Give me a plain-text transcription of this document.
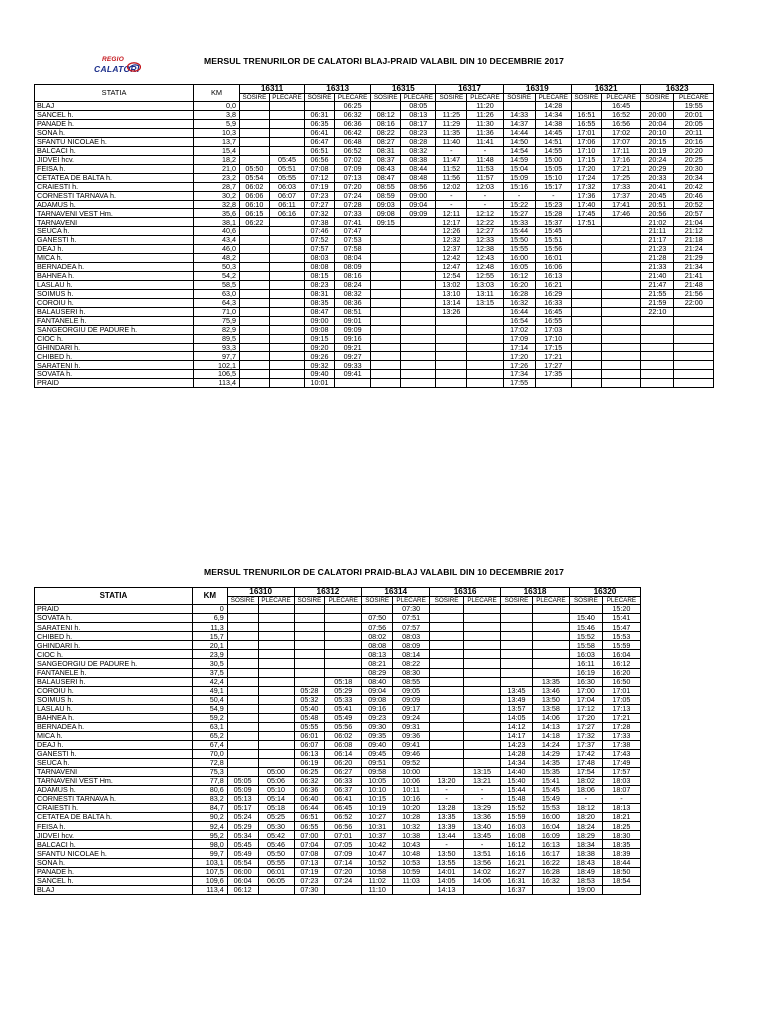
REGIO
CALATORI
MERSUL TRENURILOR DE CALATORI BLAJ-PRAID VALABIL DIN 10 DECEMBRIE 2017
STATIA	KM	16311		16313		16315		16317		16319		16321		16323	
		SOSIRE	PLECARE	SOSIRE	PLECARE	SOSIRE	PLECARE	SOSIRE	PLECARE	SOSIRE	PLECARE	SOSIRE	PLECARE	SOSIRE	PLECARE
BLAJ	0,0				06:25		08:05		11:20		14:28		16:45		19:55
SANCEL h.	3,8			06:31	06:32	08:12	08:13	11:25	11:26	14:33	14:34	16:51	16:52	20:00	20:01
PANADE h.	5,9			06:35	06:36	08:16	08:17	11:29	11:30	14:37	14:38	16:55	16:56	20:04	20:05
SONA h.	10,3			06:41	06:42	08:22	08:23	11:35	11:36	14:44	14:45	17:01	17:02	20:10	20:11
SFANTU NICOLAE h.	13,7			06:47	06:48	08:27	08:28	11:40	11:41	14:50	14:51	17:06	17:07	20:15	20:16
BALCACI h.	15,4			06:51	06:52	08:31	08:32	-	-	14:54	14:55	17:10	17:11	20:19	20:20
JIDVEI hcv.	18,2		05:45	06:56	07:02	08:37	08:38	11:47	11:48	14:59	15:00	17:15	17:16	20:24	20:25
FEISA h.	21,0	05:50	05:51	07:08	07:09	08:43	08:44	11:52	11:53	15:04	15:05	17:20	17:21	20:29	20:30
CETATEA DE BALTA h.	23,2	05:54	05:55	07:12	07:13	08:47	08:48	11:56	11:57	15:09	15:10	17:24	17:25	20:33	20:34
CRAIESTI h.	28,7	06:02	06:03	07:19	07:20	08:55	08:56	12:02	12:03	15:16	15:17	17:32	17:33	20:41	20:42
CORNESTI TARNAVA h.	30,2	06:06	06:07	07:23	07:24	08:59	09:00	-	-	-	-	17:36	17:37	20:45	20:46
ADAMUS h.	32,8	06:10	06:11	07:27	07:28	09:03	09:04	-	-	15:22	15:23	17:40	17:41	20:51	20:52
TARNAVENI VEST Hm.	35,6	06:15	06:16	07:32	07:33	09:08	09:09	12:11	12:12	15:27	15:28	17:45	17:46	20:56	20:57
TARNAVENI	38,1	06:22		07:38	07:41	09:15		12:17	12:22	15:33	15:37	17:51		21:02	21:04
SEUCA h.	40,6			07:46	07:47			12:26	12:27	15:44	15:45			21:11	21:12
GANESTI h.	43,4			07:52	07:53			12:32	12:33	15:50	15:51			21:17	21:18
DEAJ h.	46,0			07:57	07:58			12:37	12:38	15:55	15:56			21:23	21:24
MICA h.	48,2			08:03	08:04			12:42	12:43	16:00	16:01			21:28	21:29
BERNADEA h.	50,3			08:08	08:09			12:47	12:48	16:05	16:06			21:33	21:34
BAHNEA h.	54,2			08:15	08:16			12:54	12:55	16:12	16:13			21:40	21:41
LASLAU h.	58,5			08:23	08:24			13:02	13:03	16:20	16:21			21:47	21:48
SOIMUS h.	63,0			08:31	08:32			13:10	13:11	16:28	16:29			21:55	21:56
COROIU h.	64,3			08:35	08:36			13:14	13:15	16:32	16:33			21:59	22:00
BALAUSERI h.	71,0			08:47	08:51			13:26		16:44	16:45			22:10	
FANTANELE h.	75,9			09:00	09:01					16:54	16:55				
SANGEORGIU DE PADURE h.	82,9			09:08	09:09					17:02	17:03				
CIOC h.	89,5			09:15	09:16					17:09	17:10				
GHINDARI h.	93,3			09:20	09:21					17:14	17:15				
CHIBED h.	97,7			09:26	09:27					17:20	17:21				
SARATENI h.	102,1			09:32	09:33					17:26	17:27				
SOVATA h.	106,5			09:40	09:41					17:34	17:35				
PRAID	113,4			10:01						17:55					
MERSUL TRENURILOR DE CALATORI PRAID-BLAJ VALABIL DIN 10 DECEMBRIE 2017
STATIA	KM	16310		16312		16314		16316		16318		16320	
		SOSIRE	PLECARE	SOSIRE	PLECARE	SOSIRE	PLECARE	SOSIRE	PLECARE	SOSIRE	PLECARE	SOSIRE	PLECARE
PRAID	0						07:30						15:20
SOVATA h.	6,9					07:50	07:51					15:40	15:41
SARATENI h.	11,3					07:56	07:57					15:46	15:47
CHIBED h.	15,7					08:02	08:03					15:52	15:53
GHINDARI h.	20,1					08:08	08:09					15:58	15:59
CIOC h.	23,9					08:13	08:14					16:03	16:04
SANGEORGIU DE PADURE h.	30,5					08:21	08:22					16:11	16:12
FANTANELE h.	37,5					08:29	08:30					16:19	16:20
BALAUSERI h.	42,4				05:18	08:40	08:55				13:35	16:30	16:50
COROIU h.	49,1			05:28	05:29	09:04	09:05			13:45	13:46	17:00	17:01
SOIMUS h.	50,4			05:32	05:33	09:08	09:09			13:49	13:50	17:04	17:05
LASLAU h.	54,9			05:40	05:41	09:16	09:17			13:57	13:58	17:12	17:13
BAHNEA h.	59,2			05:48	05:49	09:23	09:24			14:05	14:06	17:20	17:21
BERNADEA h.	63,1			05:55	05:56	09:30	09:31			14:12	14:13	17:27	17:28
MICA h.	65,2			06:01	06:02	09:35	09:36			14:17	14:18	17:32	17:33
DEAJ h.	67,4			06:07	06:08	09:40	09:41			14:23	14:24	17:37	17:38
GANESTI h.	70,0			06:13	06:14	09:45	09:46			14:28	14:29	17:42	17:43
SEUCA h.	72,8			06:19	06:20	09:51	09:52			14:34	14:35	17:48	17:49
TARNAVENI	75,3		05:00	06:25	06:27	09:58	10:00		13:15	14:40	15:35	17:54	17:57
TARNAVENI VEST Hm.	77,8	05:05	05:06	06:32	06:33	10:05	10:06	13:20	13:21	15:40	15:41	18:02	18:03
ADAMUS h.	80,6	05:09	05:10	06:36	06:37	10:10	10:11	-	-	15:44	15:45	18:06	18:07
CORNESTI TARNAVA h.	83,2	05:13	05:14	06:40	06:41	10:15	10:16	-	-	15:48	15:49	-	-
CRAIESTI h.	84,7	05:17	05:18	06:44	06:45	10:19	10:20	13:28	13:29	15:52	15:53	18:12	18:13
CETATEA DE BALTA h.	90,2	05:24	05:25	06:51	06:52	10:27	10:28	13:35	13:36	15:59	16:00	18:20	18:21
FEISA h.	92,4	05:29	05:30	06:55	06:56	10:31	10:32	13:39	13:40	16:03	16:04	18:24	18:25
JIDVEI hcv.	95,2	05:34	05:42	07:00	07:01	10:37	10:38	13:44	13:45	16:08	16:09	18:29	18:30
BALCACI h.	98,0	05:45	05:46	07:04	07:05	10:42	10:43	-	-	16:12	16:13	18:34	18:35
SFANTU NICOLAE h.	99,7	05:49	05:50	07:08	07:09	10:47	10:48	13:50	13:51	16:16	16:17	18:38	18:39
SONA h.	103,1	05:54	05:55	07:13	07:14	10:52	10:53	13:55	13:56	16:21	16:22	18:43	18:44
PANADE h.	107,5	06:00	06:01	07:19	07:20	10:58	10:59	14:01	14:02	16:27	16:28	18:49	18:50
SANCEL h.	109,6	06:04	06:05	07:23	07:24	11:02	11:03	14:05	14:06	16:31	16:32	18:53	18:54
BLAJ	113,4	06:12		07:30		11:10		14:13		16:37		19:00	
